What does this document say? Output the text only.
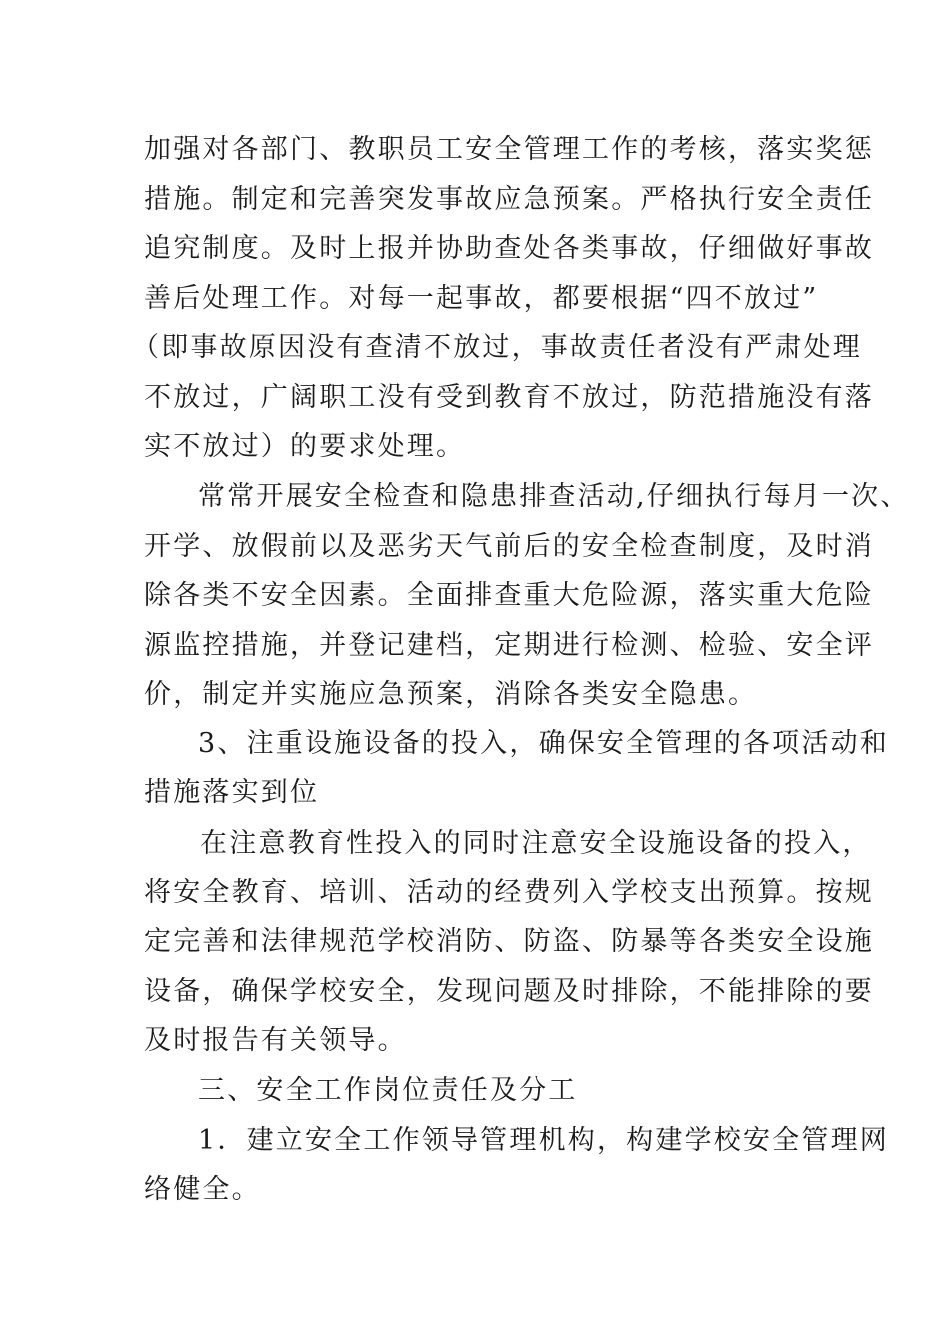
加强对各部门、教职员工安全管理工作的考核，落实奖惩
措施。制定和完善突发事故应急预案。严格执行安全责任
追究制度。及时上报并协助查处各类事故，仔细做好事故
善后处理工作。对每一起事故，都要根据“四不放过”
（即事故原因没有查清不放过，事故责任者没有严肃处理
不放过，广阔职工没有受到教育不放过，防范措施没有落
实不放过）的要求处理。
常常开展安全检查和隐患排查活动,仔细执行每月一次、
开学、放假前以及恶劣天气前后的安全检查制度，及时消
除各类不安全因素。全面排查重大危险源，落实重大危险
源监控措施，并登记建档，定期进行检测、检验、安全评
价，制定并实施应急预案，消除各类安全隐患。
3、注重设施设备的投入，确保安全管理的各项活动和
措施落实到位
在注意教育性投入的同时注意安全设施设备的投入，
将安全教育、培训、活动的经费列入学校支出预算。按规
定完善和法律规范学校消防、防盗、防暴等各类安全设施
设备，确保学校安全，发现问题及时排除，不能排除的要
及时报告有关领导。
三、安全工作岗位责任及分工
1．建立安全工作领导管理机构，构建学校安全管理网
络健全。
